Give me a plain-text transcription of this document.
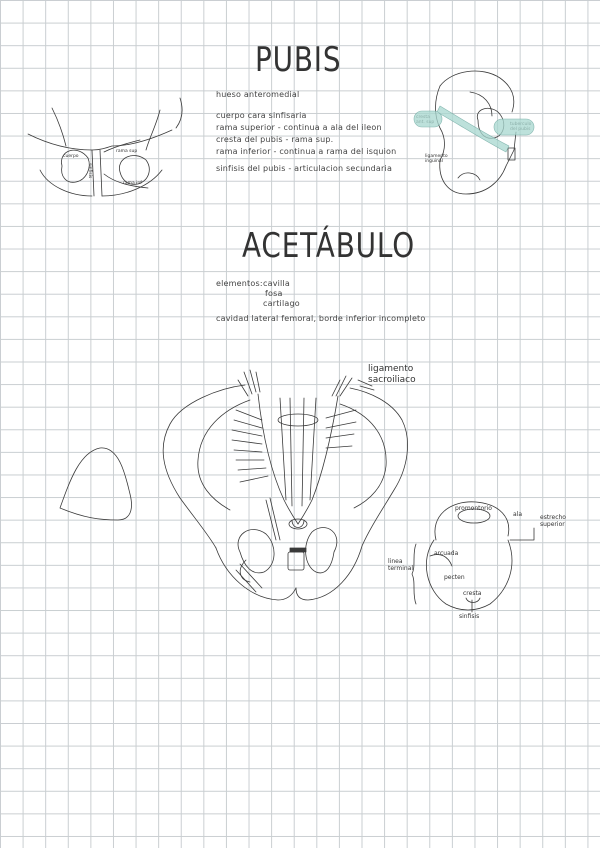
PUBIS
ACETÁBULO
hueso anteromedial
cuerpo cara sinfisaria
rama superior - continua a ala del ileon
cresta del pubis - rama sup.
rama inferior - continua a rama del isquion
sinfisis del pubis - articulacion secundaria
elementos: cavilla
fosa
cartilago
cavidad lateral femoral, borde inferior incompleto
cuerpo
rama sup
rama inf
sinfisis
ligamento inguinal
ligamento sacroiliaco
promontorio
ala	estrecho superior
linea terminal
arcuada
pecten
cresta
sinfisis
